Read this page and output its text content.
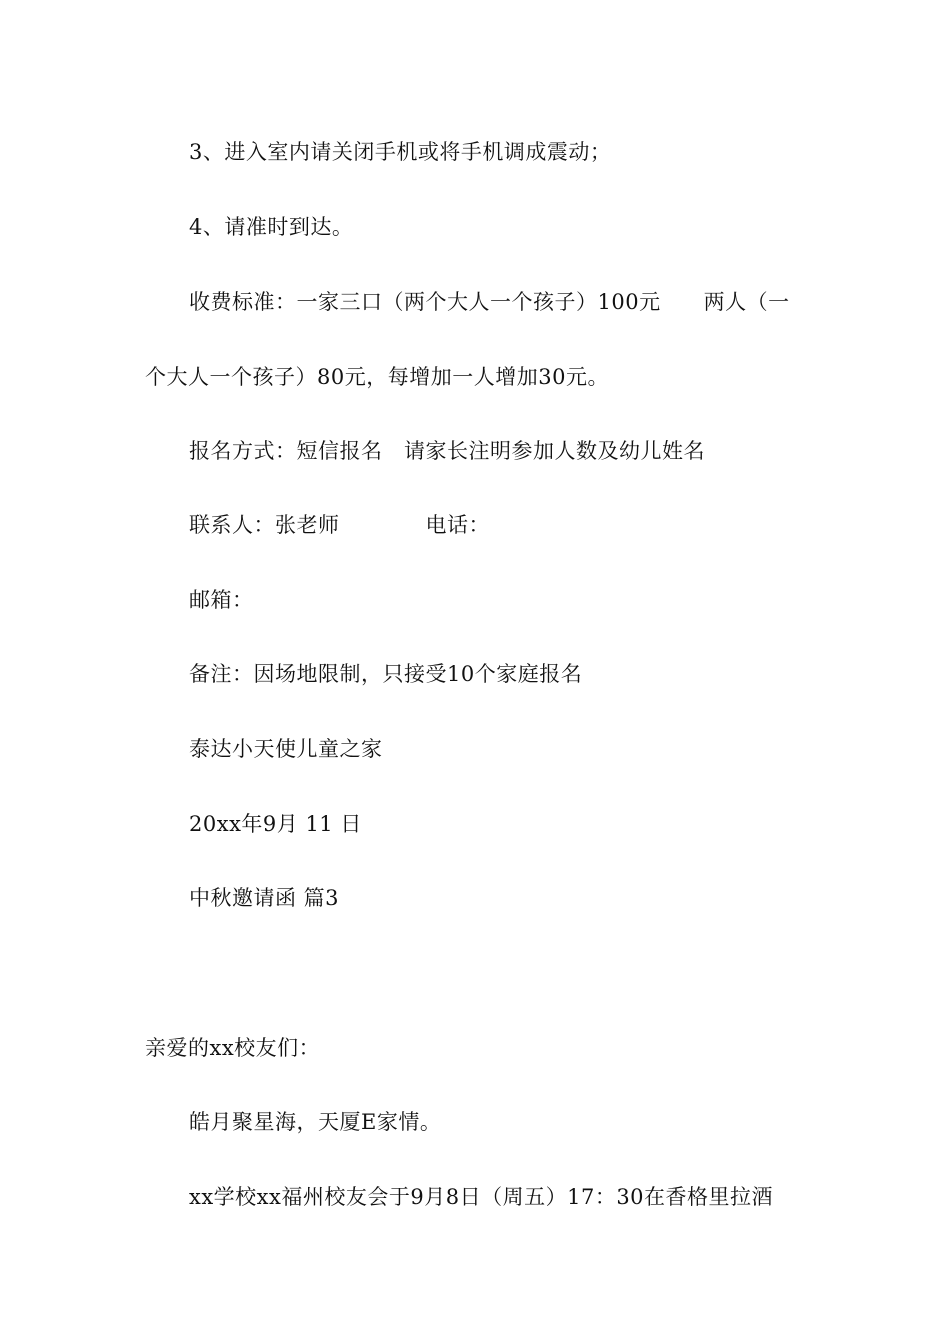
3、进入室内请关闭手机或将手机调成震动；
4、请准时到达。
收费标准：一家三口（两个大人一个孩子）100元　　两人（一
个大人一个孩子）80元，每增加一人增加30元。
报名方式：短信报名　请家长注明参加人数及幼儿姓名
联系人：张老师　　　　电话：
邮箱：
备注：因场地限制，只接受10个家庭报名
泰达小天使儿童之家
20xx年9月 11 日
中秋邀请函 篇3
亲爱的xx校友们：
皓月聚星海，天厦E家情。
xx学校xx福州校友会于9月8日（周五）17：30在香格里拉酒
